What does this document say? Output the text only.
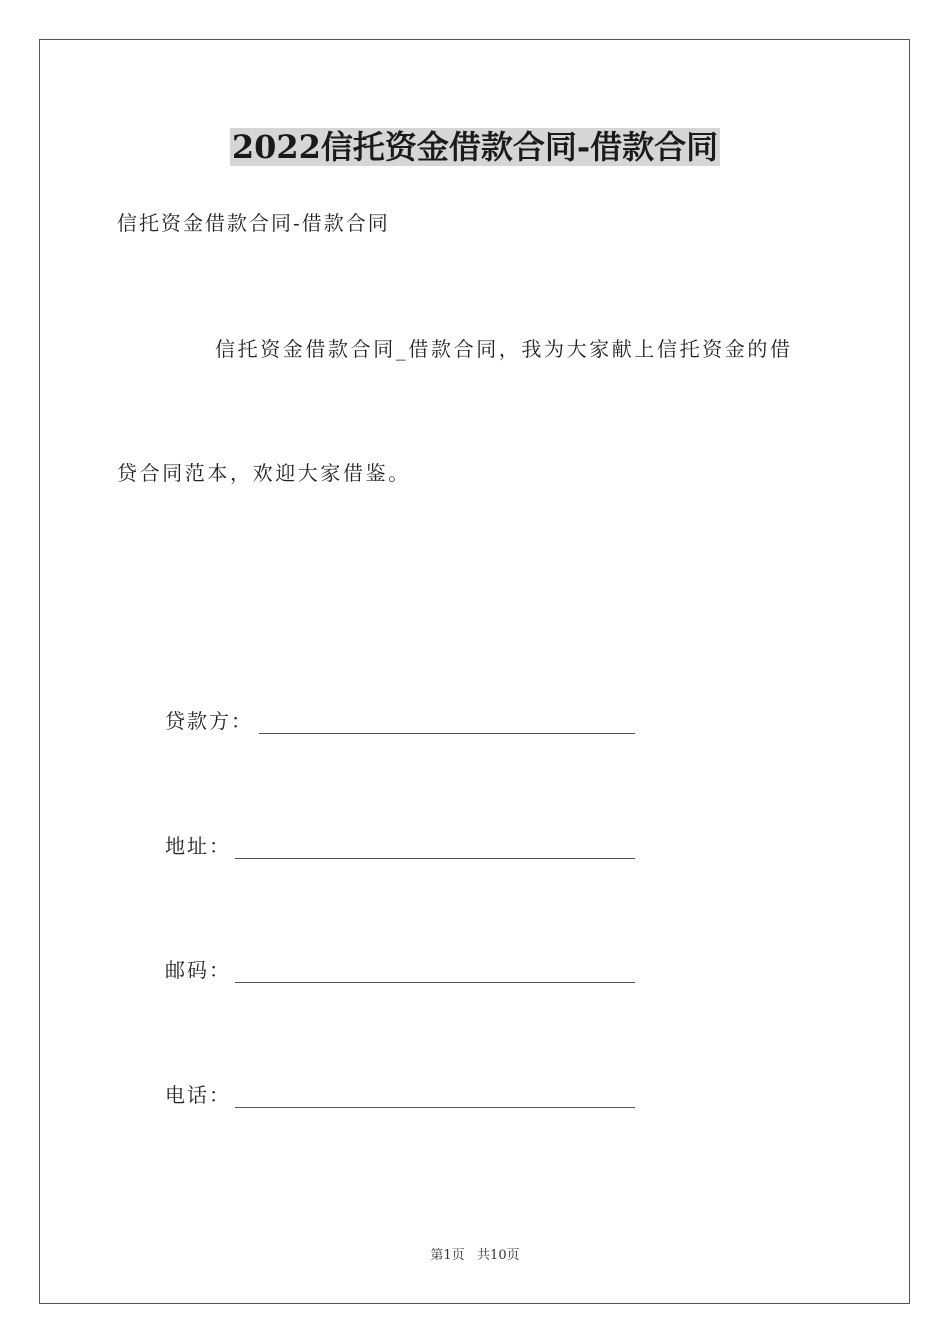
2022信托资金借款合同-借款合同
信托资金借款合同-借款合同
信托资金借款合同_借款合同，我为大家献上信托资金的借
贷合同范本，欢迎大家借鉴。
贷款方：
地址：
邮码：
电话：
第1页   共10页
